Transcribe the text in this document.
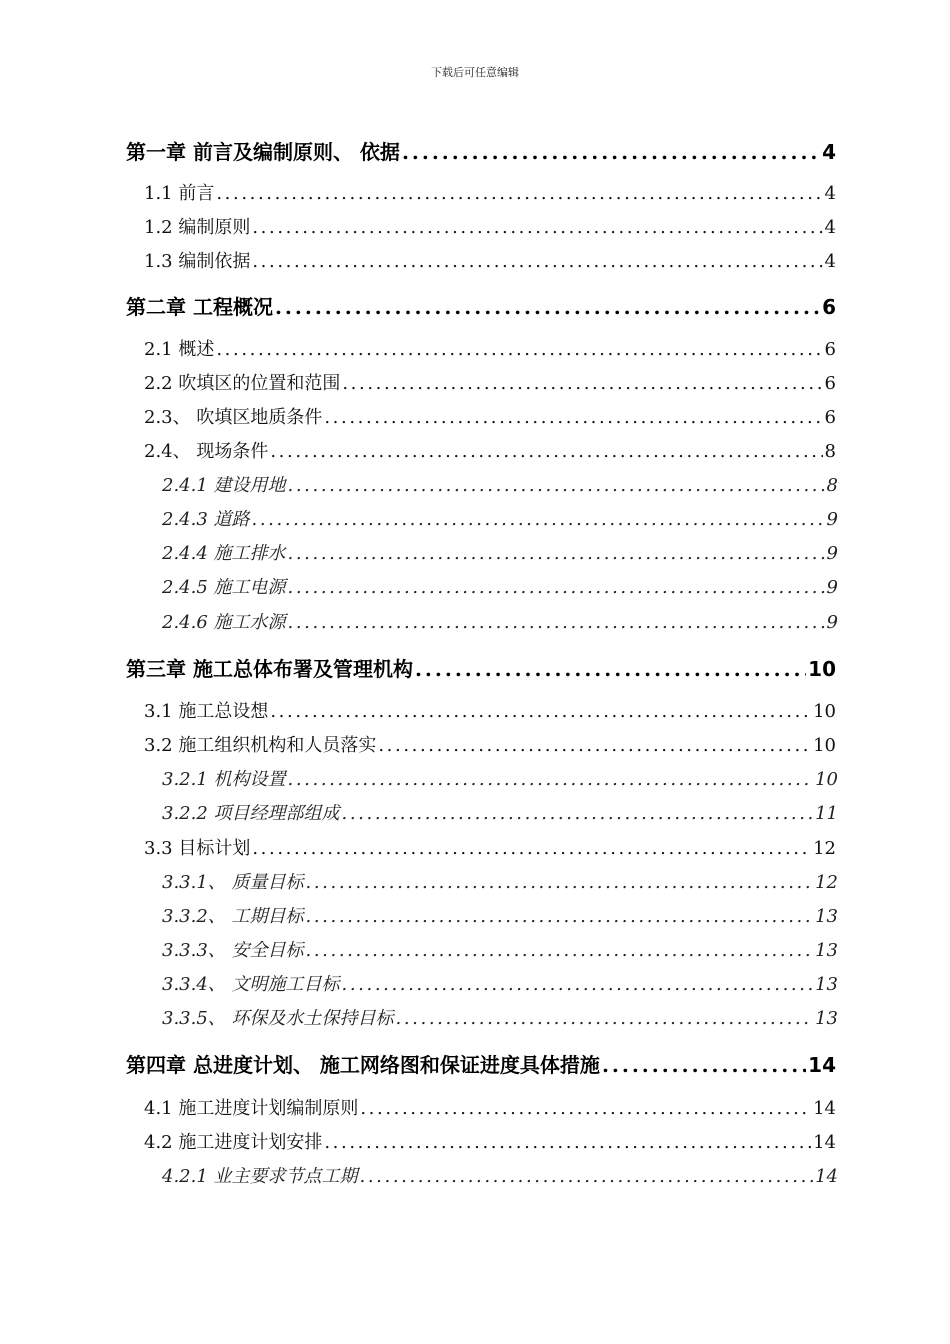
下载后可任意编辑
第一章 前言及编制原则、 依据 .....	4
1.1 前言 .....	4
1.2 编制原则 .....	4
1.3 编制依据 .....	4
第二章 工程概况 .....	6
2.1 概述 .....	6
2.2 吹填区的位置和范围 .....	6
2.3、 吹填区地质条件 .....	6
2.4、 现场条件 .....	8
2.4.1 建设用地 .....	8
2.4.3 道路 .....	9
2.4.4 施工排水 .....	9
2.4.5 施工电源 .....	9
2.4.6 施工水源 .....	9
第三章 施工总体布署及管理机构 .....	10
3.1 施工总设想 .....	10
3.2 施工组织机构和人员落实 .....	10
3.2.1 机构设置 .....	10
3.2.2 项目经理部组成 .....	11
3.3 目标计划 .....	12
3.3.1、 质量目标 .....	12
3.3.2、 工期目标 .....	13
3.3.3、 安全目标 .....	13
3.3.4、 文明施工目标 .....	13
3.3.5、 环保及水土保持目标 .....	13
第四章 总进度计划、 施工网络图和保证进度具体措施 .....	14
4.1 施工进度计划编制原则 .....	14
4.2 施工进度计划安排 .....	14
4.2.1 业主要求节点工期 .....	14
